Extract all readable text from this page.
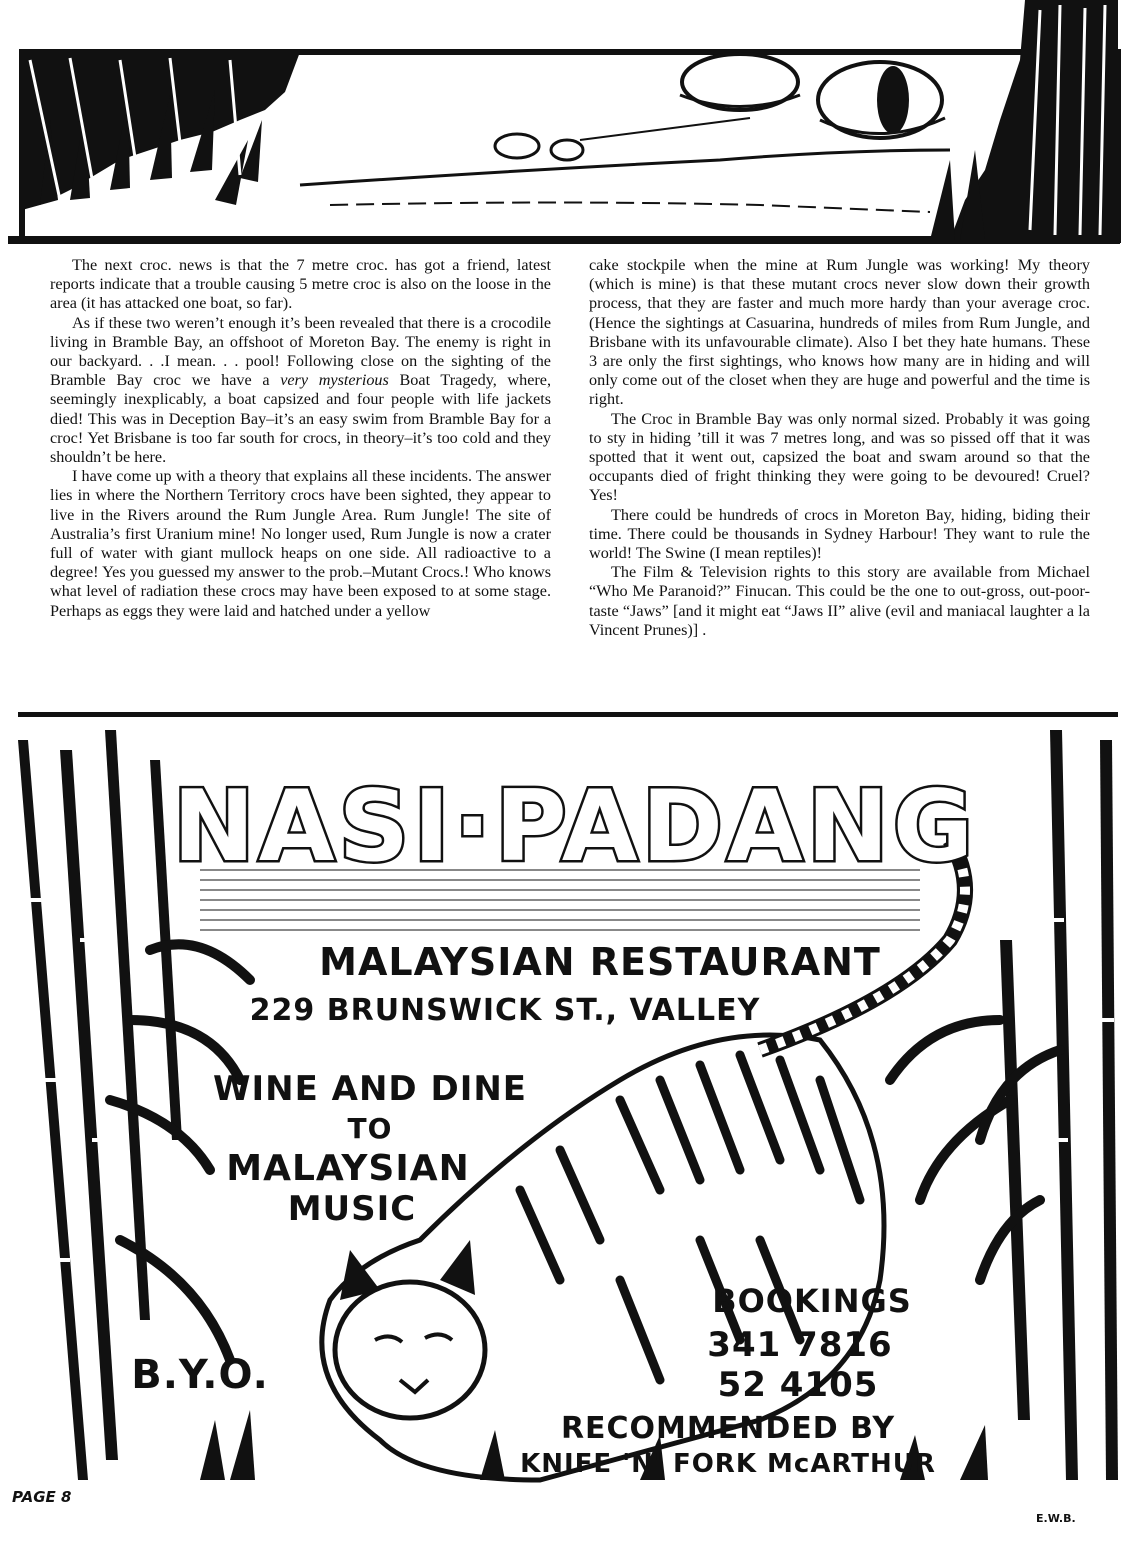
The next croc. news is that the 7 metre croc. has got a friend, latest reports indicate that a trouble causing 5 metre croc is also on the loose in the area (it has attacked one boat, so far).

As if these two weren’t enough it’s been revealed that there is a crocodile living in Bramble Bay, an offshoot of Moreton Bay. The enemy is right in our backyard. . .I mean. . . pool! Following close on the sighting of the Bramble Bay croc we have a very mysterious Boat Tragedy, where, seemingly inexplicably, a boat capsized and four people with life jackets died! This was in Deception Bay–it’s an easy swim from Bramble Bay for a croc! Yet Brisbane is too far south for crocs, in theory–it’s too cold and they shouldn’t be here.

I have come up with a theory that explains all these incidents. The answer lies in where the Northern Territory crocs have been sighted, they appear to live in the Rivers around the Rum Jungle Area. Rum Jungle! The site of Australia’s first Uranium mine! No longer used, Rum Jungle is now a crater full of water with giant mullock heaps on one side. All radioactive to a degree! Yes you guessed my answer to the prob.–Mutant Crocs.! Who knows what level of radiation these crocs may have been exposed to at some stage. Perhaps as eggs they were laid and hatched under a yellow

cake stockpile when the mine at Rum Jungle was working! My theory (which is mine) is that these mutant crocs never slow down their growth process, that they are faster and much more hardy than your average croc. (Hence the sightings at Casuarina, hundreds of miles from Rum Jungle, and Brisbane with its unfavourable climate). Also I bet they hate humans. These 3 are only the first sightings, who knows how many are in hiding and will only come out of the closet when they are huge and powerful and the time is right.

The Croc in Bramble Bay was only normal sized. Probably it was going to sty in hiding ’till it was 7 metres long, and was so pissed off that it was spotted that it went out, capsized the boat and swam around so that the occupants died of fright thinking they were going to be devoured! Cruel? Yes!

There could be hundreds of crocs in Moreton Bay, hiding, biding their time. There could be thousands in Sydney Harbour! They want to rule the world! The Swine (I mean reptiles)!

The Film & Television rights to this story are available from Michael “Who Me Paranoid?” Finucan. This could be the one to out-gross, out-poor-taste “Jaws” [and it might eat “Jaws II” alive (evil and maniacal laughter a la Vincent Prunes)] .

NASI·PADANG
MALAYSIAN RESTAURANT
229 BRUNSWICK ST., VALLEY
WINE AND DINE
TO
MALAYSIAN
MUSIC
B.Y.O.
BOOKINGS
341 7816
52 4105
RECOMMENDED BY
KNIFE 'N' FORK McARTHUR
PAGE 8
E.W.B.
